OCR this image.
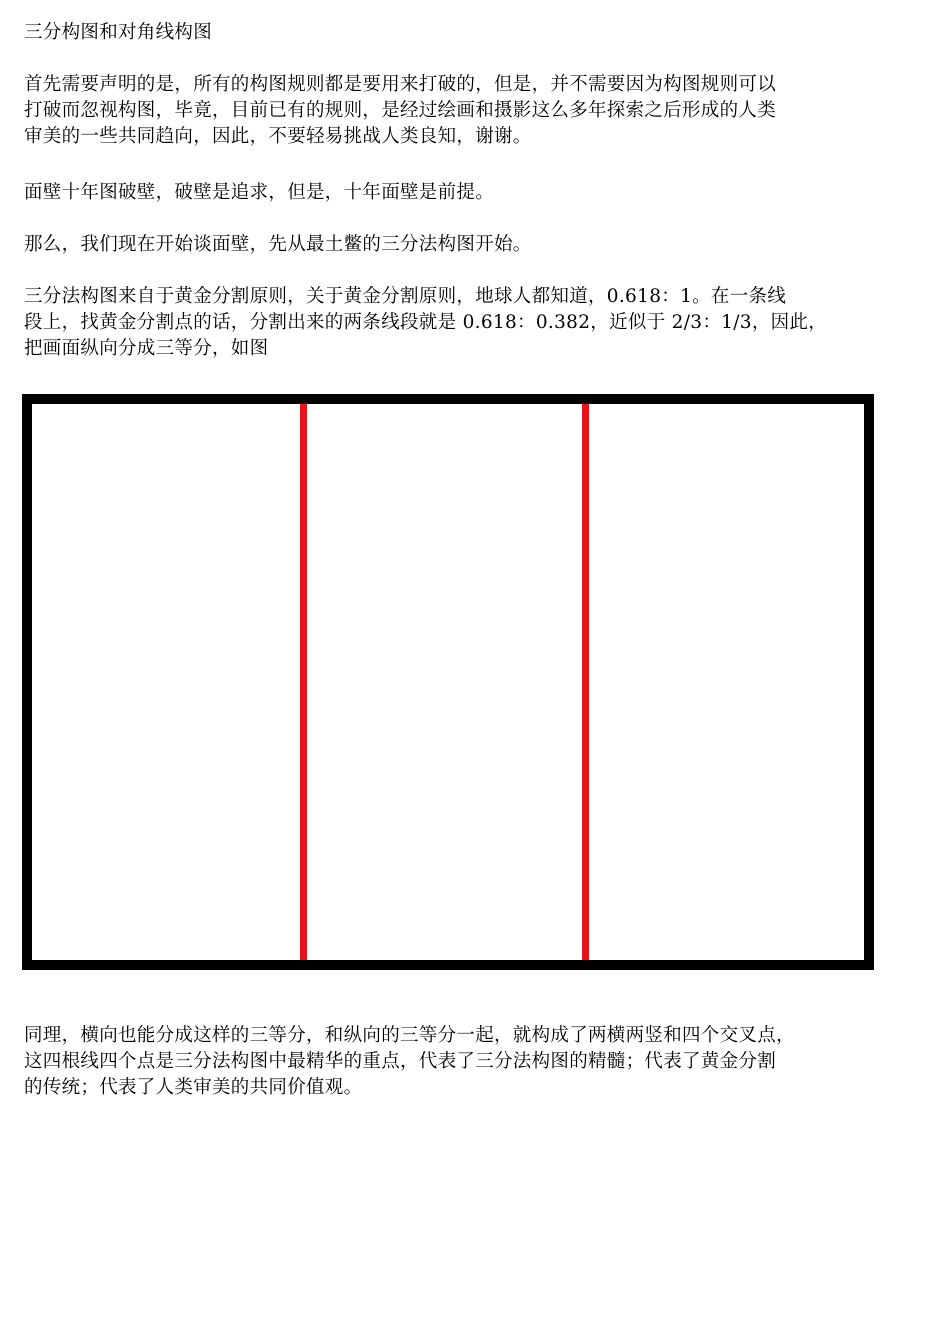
三分构图和对角线构图
首先需要声明的是，所有的构图规则都是要用来打破的，但是，并不需要因为构图规则可以
打破而忽视构图，毕竟，目前已有的规则，是经过绘画和摄影这么多年探索之后形成的人类
审美的一些共同趋向，因此，不要轻易挑战人类良知，谢谢。
面壁十年图破壁，破壁是追求，但是，十年面壁是前提。
那么，我们现在开始谈面壁，先从最土鳖的三分法构图开始。
三分法构图来自于黄金分割原则，关于黄金分割原则，地球人都知道，0.618：1。在一条线
段上，找黄金分割点的话，分割出来的两条线段就是 0.618：0.382，近似于 2/3：1/3，因此，
把画面纵向分成三等分，如图
同理，横向也能分成这样的三等分，和纵向的三等分一起，就构成了两横两竖和四个交叉点，
这四根线四个点是三分法构图中最精华的重点，代表了三分法构图的精髓；代表了黄金分割
的传统；代表了人类审美的共同价值观。
